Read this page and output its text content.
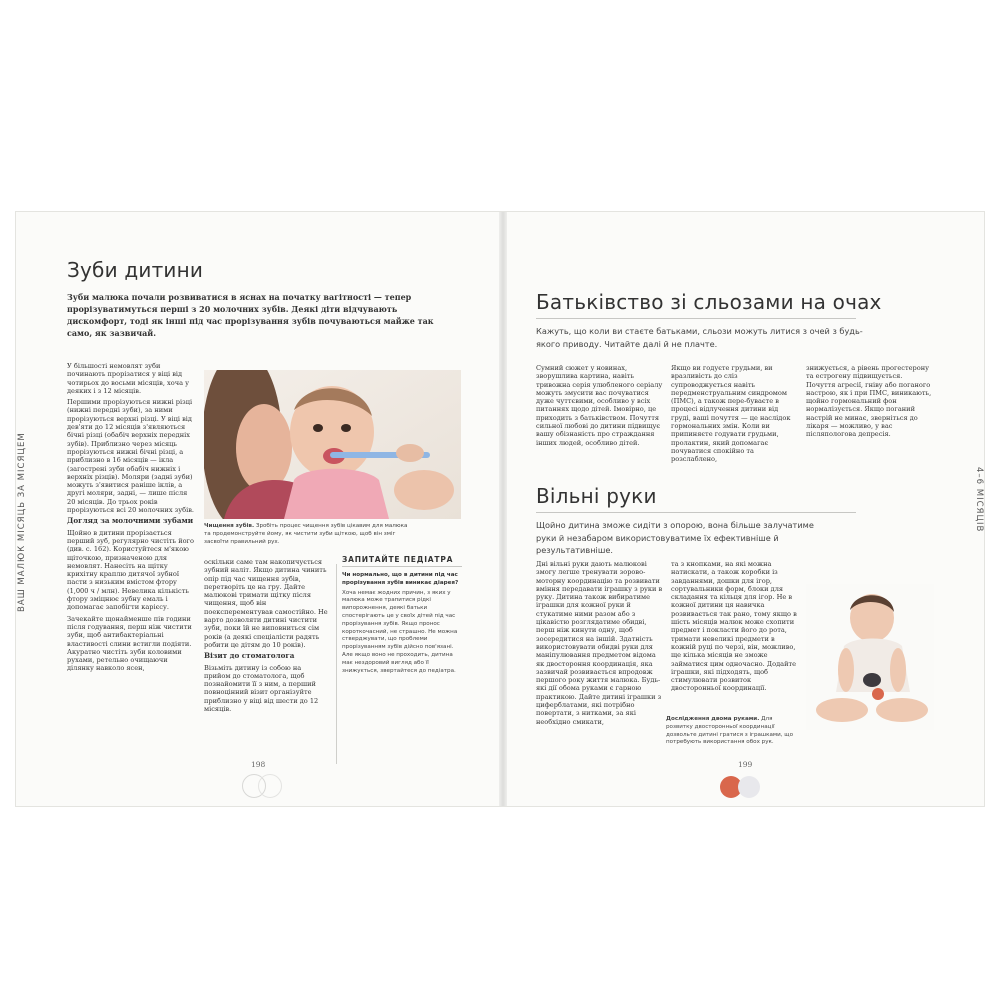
ВАШ МАЛЮК МІСЯЦЬ ЗА МІСЯЦЕМ
Зуби дитини
Зуби малюка почали розвиватися в яснах на початку вагітності — тепер прорізуватимуться перші з 20 молочних зубів. Деякі діти відчувають дискомфорт, тоді як інші під час прорізування зубів почуваються майже так само, як зазвичай.

У більшості немовлят зуби починають прорізатися у віці від чотирьох до восьми місяців, хоча у деяких і з 12 місяців.

Першими прорізуються нижні різці (нижні передні зуби), за ними прорізуються верхні різці. У віці від дев'яти до 12 місяців з'являються бічні різці (обабіч верхніх передніх зубів). Приблизно через місяць прорізуються нижні бічні різці, а приблизно в 16 місяців — ікла (загострені зуби обабіч нижніх і верхніх різців). Моляри (задні зуби) можуть з'явитися раніше іклів, а другі моляри, задні, — лише після 20 місяців. До трьох років прорізуються всі 20 молочних зубів.

Догляд за молочними зубами

Щойно в дитини прорізається перший зуб, регулярно чистіть його (див. с. 162). Користуйтеся м'якою щіточкою, призначеною для немовлят. Нанесіть на щітку крихітну краплю дитячої зубної пасти з низьким вмістом фтору (1,000 ч / млн). Невелика кількість фтору зміцнює зубну емаль і допомагає запобігти карієсу.

Зачекайте щонайменше пів години після годування, перш ніж чистити зуби, щоб антибактеріальні властивості слини встигли подіяти. Акуратно чистіть зуби коловими рухами, ретельно очищаючи ділянку навколо ясен,

Чищення зубів. Зробіть процес чищення зубів цікавим для малюка та продемонструйте йому, як чистити зуби щіткою, щоб він зміг засвоїти правильний рух.

оскільки саме там накопичується зубний наліт. Якщо дитина чинить опір під час чищення зубів, перетворіть це на гру. Дайте малюкові тримати щітку після чищення, щоб він поексперементував самостійно. Не варто дозволяти дитині чистити зуби, поки їй не виповниться сім років (а деякі спеціалісти радять робити це дітям до 10 років).

Візит до стоматолога

Візьміть дитину із собою на прийом до стоматолога, щоб познайомити її з ним, а перший повноцінний візит організуйте приблизно у віці від шести до 12 місяців.

ЗАПИТАЙТЕ ПЕДІАТРА
Чи нормально, що в дитини під час прорізування зубів виникає діарея?
Хоча немає жодних причин, з яких у малюка може трапитися рідкі випорожнення, деякі батьки спостерігають це у своїх дітей під час прорізування зубів. Якщо пронос короткочасний, не страшно. Не можна стверджувати, що проблеми прорізуванням зубів дійсно пов'язані. Але якщо воно не проходить, дитина має нездоровий вигляд або її знижується, звертайтеся до педіатра.
198
4–6 МІСЯЦІВ
Батьківство зі сльозами на очах
Кажуть, що коли ви стаєте батьками, сльози можуть литися з очей з будь-якого приводу. Читайте далі й не плачте.
Сумний сюжет у новинах, зворушлива картина, навіть тривожна серія улюбленого серіалу можуть змусити вас почуватися дуже чуттєвими, особливо у всіх питаннях щодо дітей. Імовірно, це приходить з батьківством. Почуття сильної любові до дитини підвищує вашу обізнаність про страждання інших людей, особливо дітей.
Якщо ви годуєте грудьми, ви вразливість до сліз супроводжується навіть передменструальним синдромом (ПМС), а також пере-буваєте в процесі відлучення дитини від груді, ваші почуття — це наслідок гормональних змін. Коли ви припиняєте годувати грудьми, пролактин, який допомагає почуватися спокійно та розслаблено,
знижується, а рівень прогестерону та естрогену підвищується. Почуття агресії, гніву або поганого настрою, як і при ПМС, виникають, щойно гормональний фон нормалізується. Якщо поганий настрій не минає, зверніться до лікаря — можливо, у вас післяпологова депресія.
Вільні руки
Щойно дитина зможе сидіти з опорою, вона більше залучатиме руки й незабаром використовуватиме їх ефективніше й результативніше.
Дні вільні руки дають малюкові змогу легше тренувати зорово-моторну координацію та розвивати вміння передавати іграшку з руки в руку. Дитина також вибиратиме іграшки для кожної руки й стукатиме ними разом або з цікавістю розглядатиме обидві, перш ніж кинути одну, щоб зосередитися на іншій. Здатність використовувати обидві руки для маніпулювання предметом відома як двостороння координація, яка зазвичай розвивається впродовж першого року життя малюка. Будь-які дії обома руками є гарною практикою. Дайте дитині іграшки з циферблатами, які потрібно повертати, з нитками, за які необхідно смикати,
та з кнопками, на які можна натискати, а також коробки із завданнями, дошки для ігор, сортувальники форм, блоки для складання та кільця для ігор. Не в кожної дитини ця навичка розвивається так рано, тому якщо в шість місяців малюк може схопити предмет і покласти його до рота, тримати невеликі предмети в кожній руці по черзі, він, можливо, ще кілька місяців не зможе займатися цим одночасно. Додайте іграшки, які підходять, щоб стимулювати розвиток двосторонньої координації.
Дослідження двома руками. Для розвитку двосторонньої координації дозвольте дитині гратися з іграшками, що потребують використання обох рук.
199
